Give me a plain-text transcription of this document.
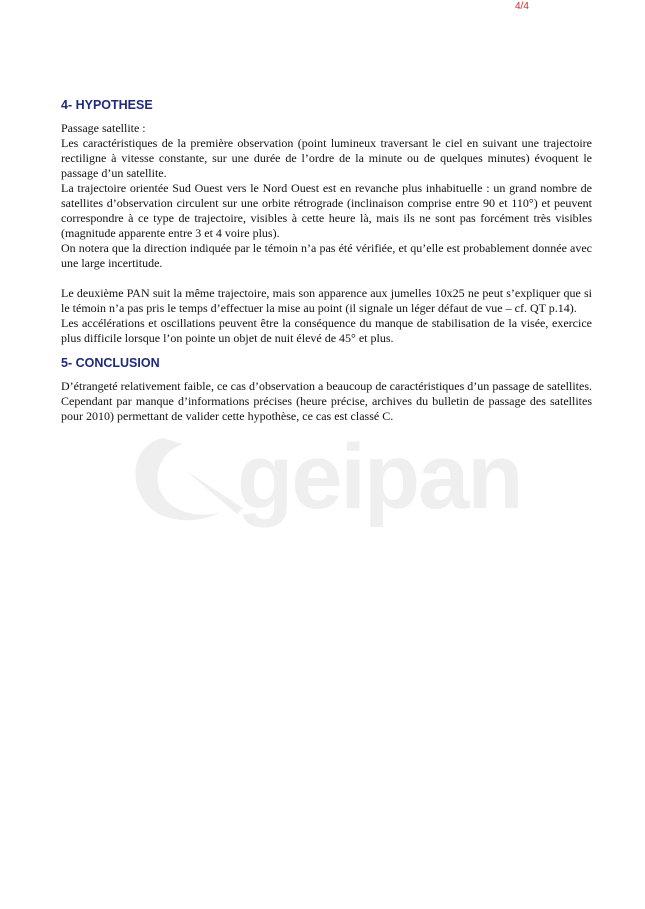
4/4
geipan
4- HYPOTHESE

Passage satellite :

Les caractéristiques de la première observation (point lumineux traversant le ciel en suivant une trajectoire rectiligne à vitesse constante, sur une durée de l’ordre de la minute ou de quelques minutes) évoquent le passage d’un satellite.

La trajectoire orientée Sud Ouest vers le Nord Ouest est en revanche plus inhabituelle : un grand nombre de satellites d’observation circulent sur une orbite rétrograde (inclinaison comprise entre 90 et 110°) et peuvent correspondre à ce type de trajectoire, visibles à cette heure là, mais ils ne sont pas forcément très visibles (magnitude apparente entre 3 et 4 voire plus).

On notera que la direction indiquée par le témoin n’a pas été vérifiée, et qu’elle est probablement donnée avec une large incertitude.

Le deuxième PAN suit la même trajectoire, mais son apparence aux jumelles 10x25 ne peut s’expliquer que si le témoin n’a pas pris le temps d’effectuer la mise au point (il signale un léger défaut de vue – cf. QT p.14).

Les accélérations et oscillations peuvent être la conséquence du manque de stabilisation de la visée, exercice plus difficile lorsque l’on pointe un objet de nuit élevé de 45° et plus.

5- CONCLUSION

D’étrangeté relativement faible, ce cas d’observation a beaucoup de caractéristiques d’un passage de satellites. Cependant par manque d’informations précises (heure précise, archives du bulletin de passage des satellites pour 2010) permettant de valider cette hypothèse, ce cas est classé C.
